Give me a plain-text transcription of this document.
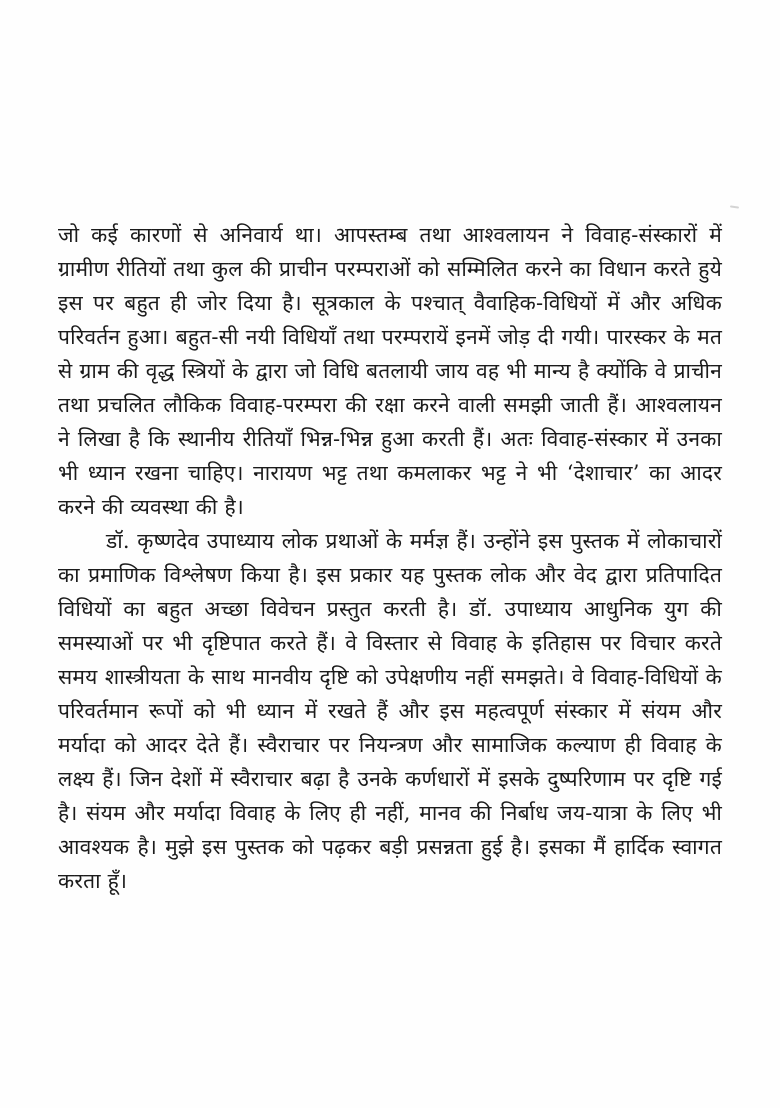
जो कई कारणों से अनिवार्य था। आपस्तम्ब तथा आश्वलायन ने विवाह-संस्कारों में ग्रामीण रीतियों तथा कुल की प्राचीन परम्पराओं को सम्मिलित करने का विधान करते हुये इस पर बहुत ही जोर दिया है। सूत्रकाल के पश्चात् वैवाहिक-विधियों में और अधिक परिवर्तन हुआ। बहुत-सी नयी विधियाँ तथा परम्परायें इनमें जोड़ दी गयी। पारस्कर के मत से ग्राम की वृद्ध स्त्रियों के द्वारा जो विधि बतलायी जाय वह भी मान्य है क्योंकि वे प्राचीन तथा प्रचलित लौकिक विवाह-परम्परा की रक्षा करने वाली समझी जाती हैं। आश्वलायन ने लिखा है कि स्थानीय रीतियाँ भिन्न-भिन्न हुआ करती हैं। अतः विवाह-संस्कार में उनका भी ध्यान रखना चाहिए। नारायण भट्ट तथा कमलाकर भट्ट ने भी ‘देशाचार’ का आदर करने की व्यवस्था की है।

डॉ. कृष्णदेव उपाध्याय लोक प्रथाओं के मर्मज्ञ हैं। उन्होंने इस पुस्तक में लोकाचारों का प्रमाणिक विश्लेषण किया है। इस प्रकार यह पुस्तक लोक और वेद द्वारा प्रतिपादित विधियों का बहुत अच्छा विवेचन प्रस्तुत करती है। डॉ. उपाध्याय आधुनिक युग की समस्याओं पर भी दृष्टिपात करते हैं। वे विस्तार से विवाह के इतिहास पर विचार करते समय शास्त्रीयता के साथ मानवीय दृष्टि को उपेक्षणीय नहीं समझते। वे विवाह-विधियों के परिवर्तमान रूपों को भी ध्यान में रखते हैं और इस महत्वपूर्ण संस्कार में संयम और मर्यादा को आदर देते हैं। स्वैराचार पर नियन्त्रण और सामाजिक कल्याण ही विवाह के लक्ष्य हैं। जिन देशों में स्वैराचार बढ़ा है उनके कर्णधारों में इसके दुष्परिणाम पर दृष्टि गई है। संयम और मर्यादा विवाह के लिए ही नहीं, मानव की निर्बाध जय-यात्रा के लिए भी आवश्यक है। मुझे इस पुस्तक को पढ़कर बड़ी प्रसन्नता हुई है। इसका मैं हार्दिक स्वागत करता हूँ।
